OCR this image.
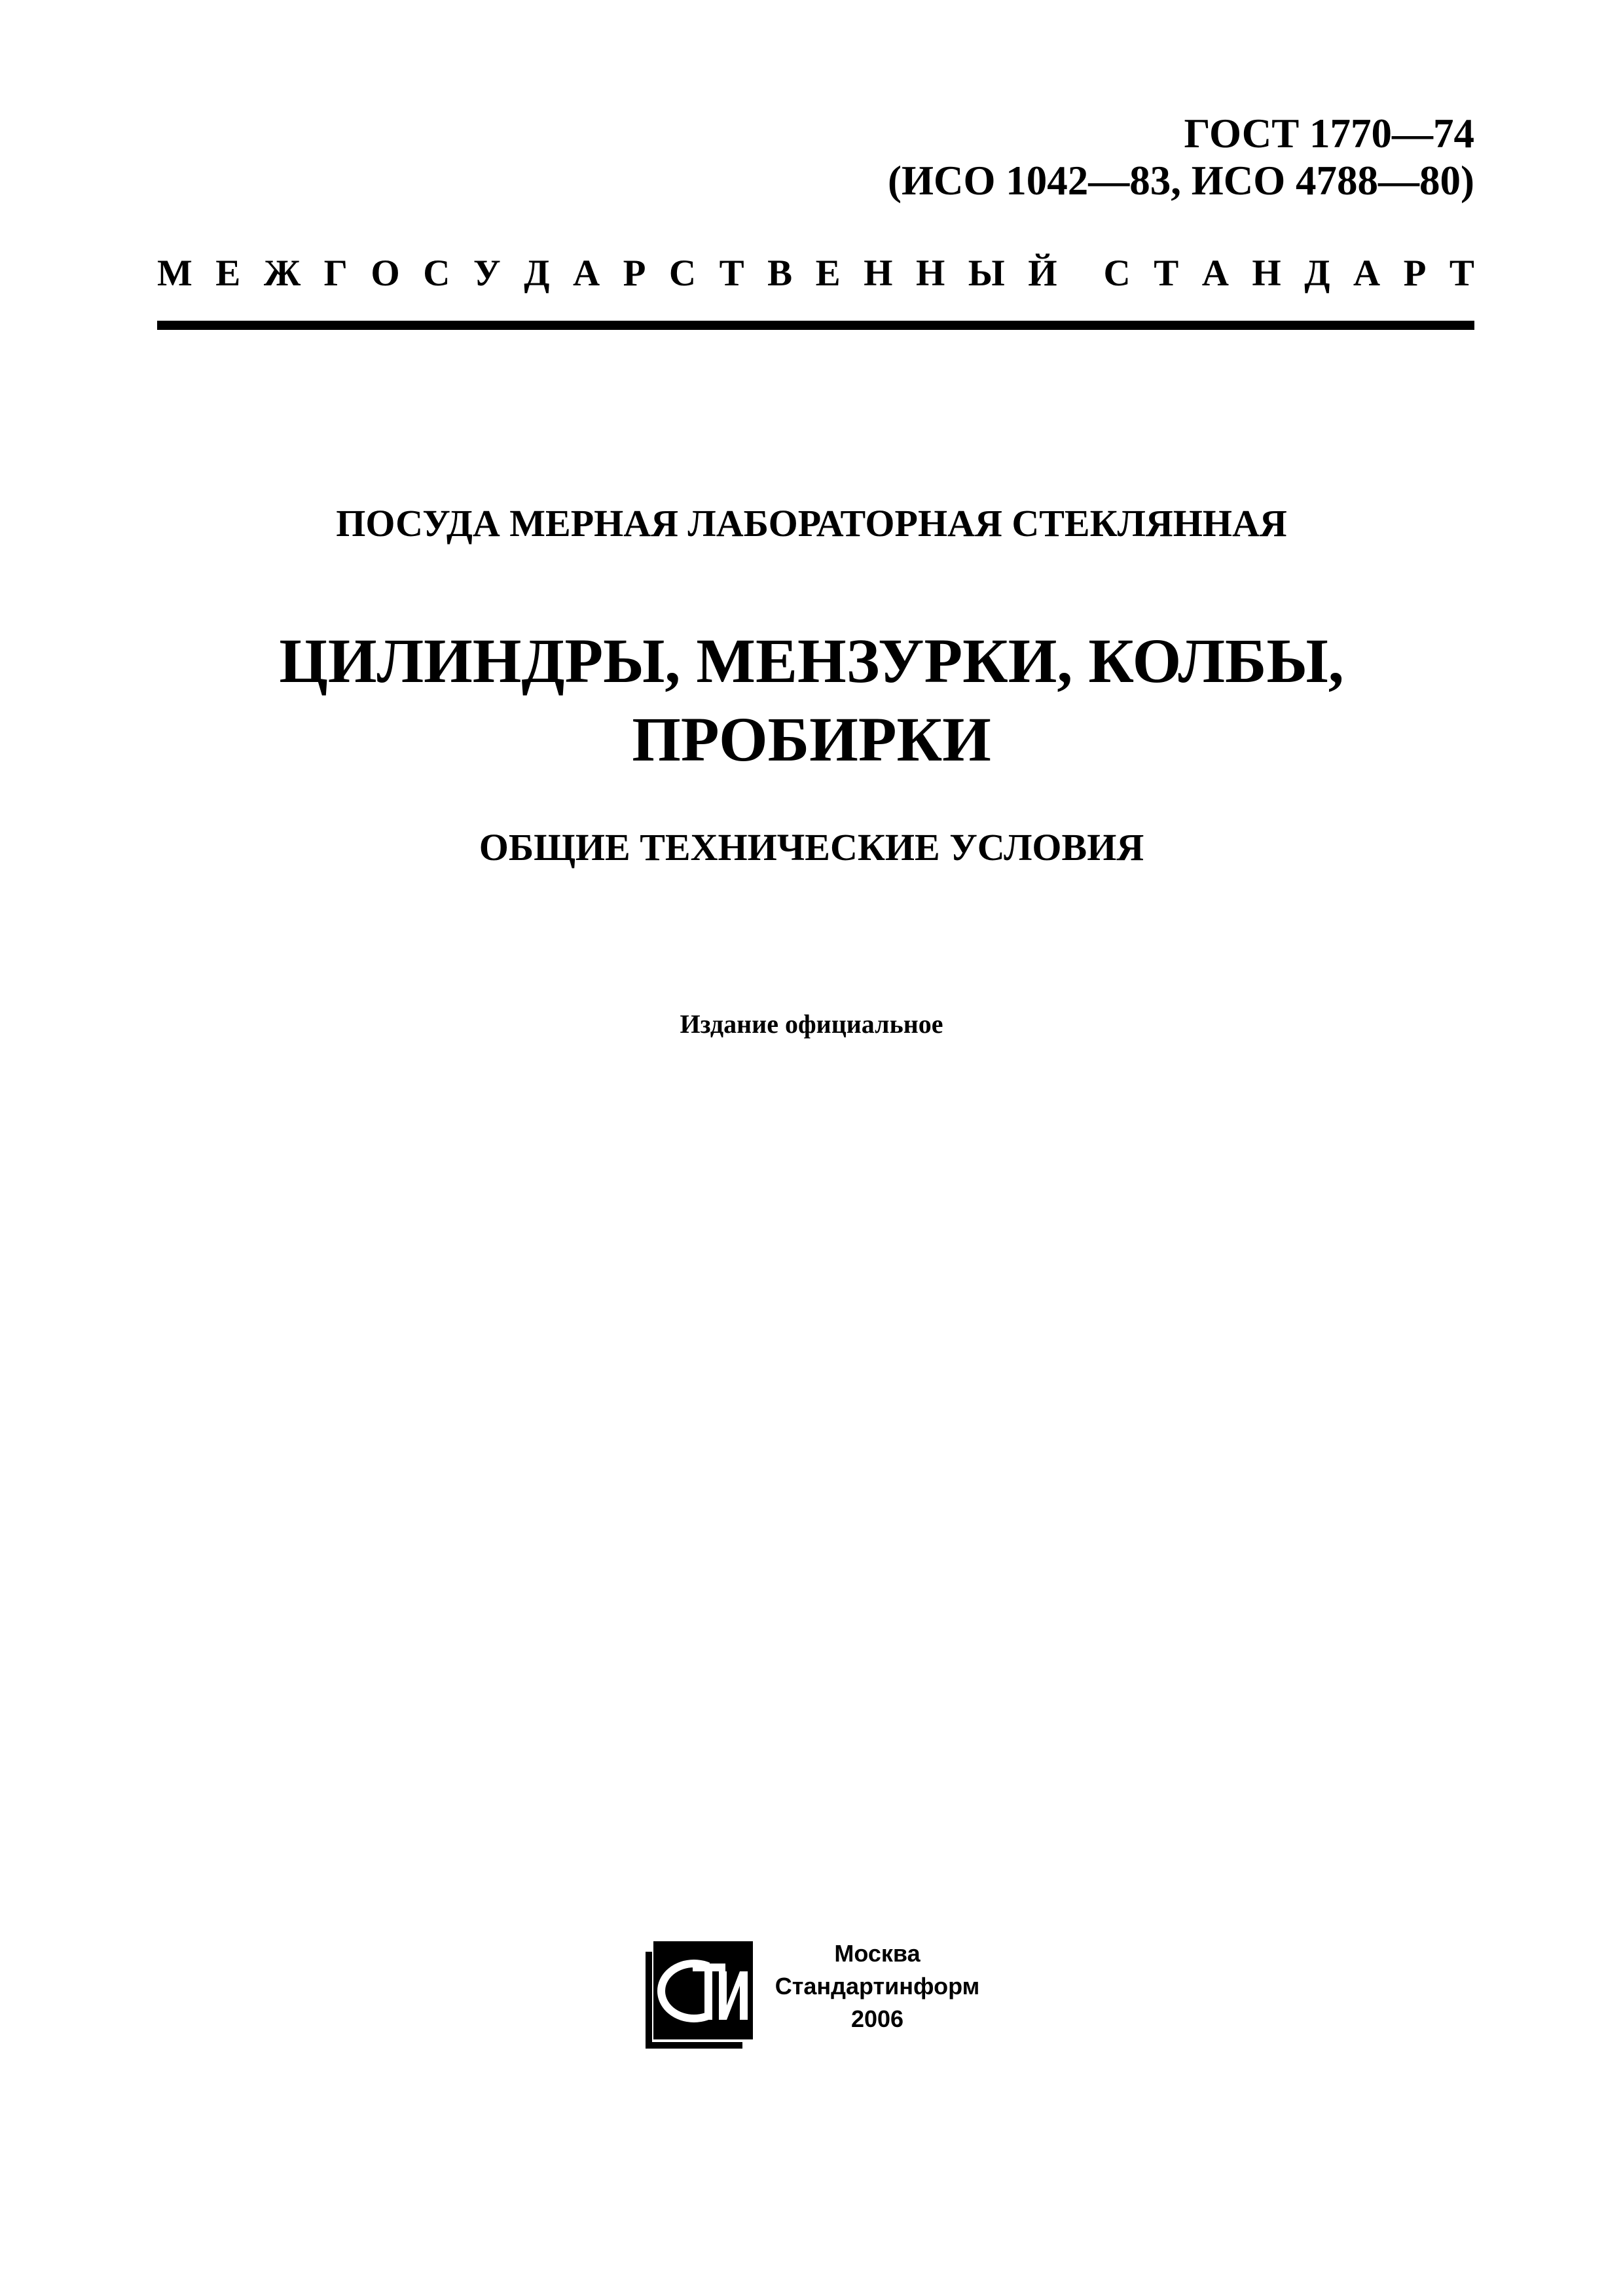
ГОСТ 1770—74
(ИСО 1042—83, ИСО 4788—80)
М Е Ж Г О С У Д А Р С Т В Е Н Н Ы Й С Т А Н Д А Р Т
ПОСУДА МЕРНАЯ ЛАБОРАТОРНАЯ СТЕКЛЯННАЯ
ЦИЛИНДРЫ, МЕНЗУРКИ, КОЛБЫ,
ПРОБИРКИ
ОБЩИЕ ТЕХНИЧЕСКИЕ УСЛОВИЯ
Издание официальное
Москва
Стандартинформ
2006
